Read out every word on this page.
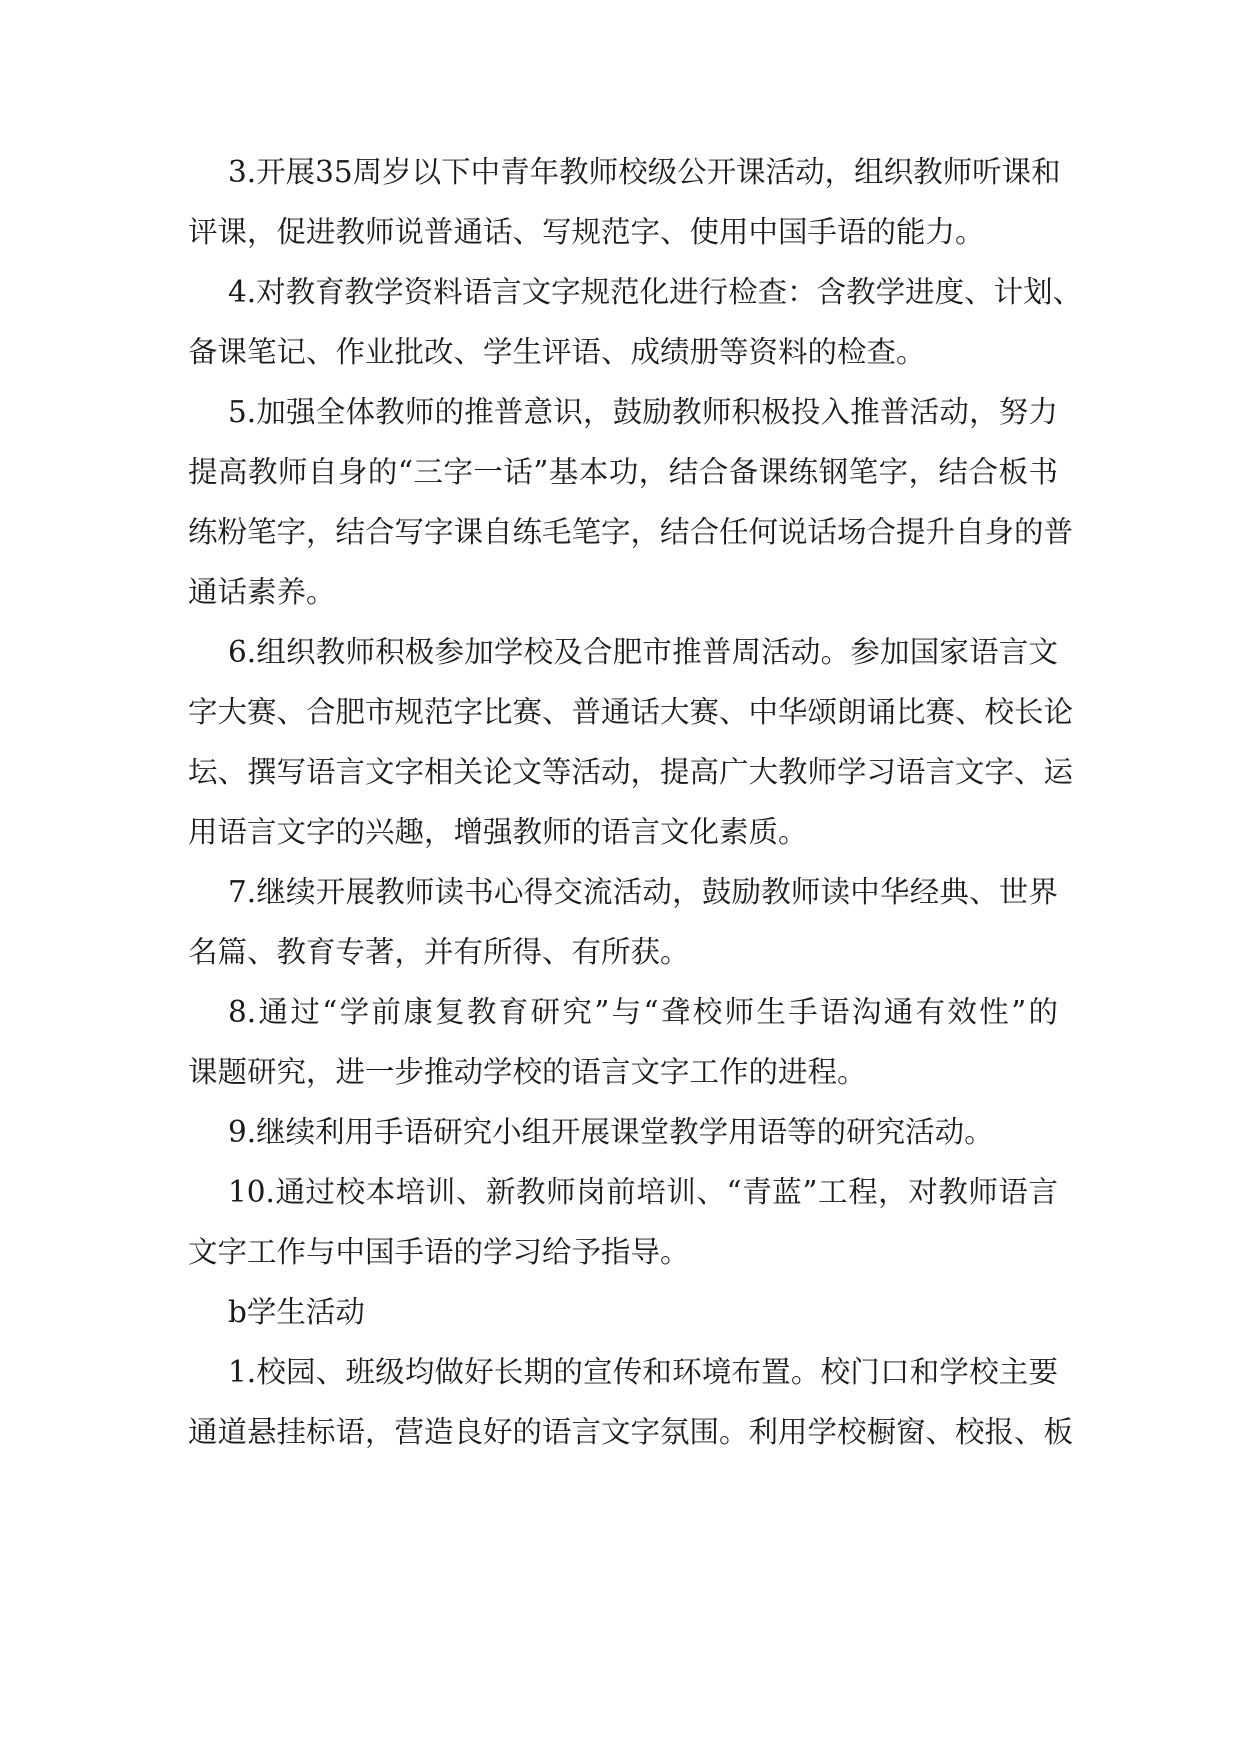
3.开展35周岁以下中青年教师校级公开课活动，组织教师听课和
评课，促进教师说普通话、写规范字、使用中国手语的能力。
4.对教育教学资料语言文字规范化进行检查：含教学进度、计划、
备课笔记、作业批改、学生评语、成绩册等资料的检查。
5.加强全体教师的推普意识，鼓励教师积极投入推普活动，努力
提高教师自身的“三字一话”基本功，结合备课练钢笔字，结合板书
练粉笔字，结合写字课自练毛笔字，结合任何说话场合提升自身的普
通话素养。
6.组织教师积极参加学校及合肥市推普周活动。参加国家语言文
字大赛、合肥市规范字比赛、普通话大赛、中华颂朗诵比赛、校长论
坛、撰写语言文字相关论文等活动，提高广大教师学习语言文字、运
用语言文字的兴趣，增强教师的语言文化素质。
7.继续开展教师读书心得交流活动，鼓励教师读中华经典、世界
名篇、教育专著，并有所得、有所获。
8.通过“学前康复教育研究”与“聋校师生手语沟通有效性”的
课题研究，进一步推动学校的语言文字工作的进程。
9.继续利用手语研究小组开展课堂教学用语等的研究活动。
10.通过校本培训、新教师岗前培训、“青蓝”工程，对教师语言
文字工作与中国手语的学习给予指导。
b学生活动
1.校园、班级均做好长期的宣传和环境布置。校门口和学校主要
通道悬挂标语，营造良好的语言文字氛围。利用学校橱窗、校报、板
